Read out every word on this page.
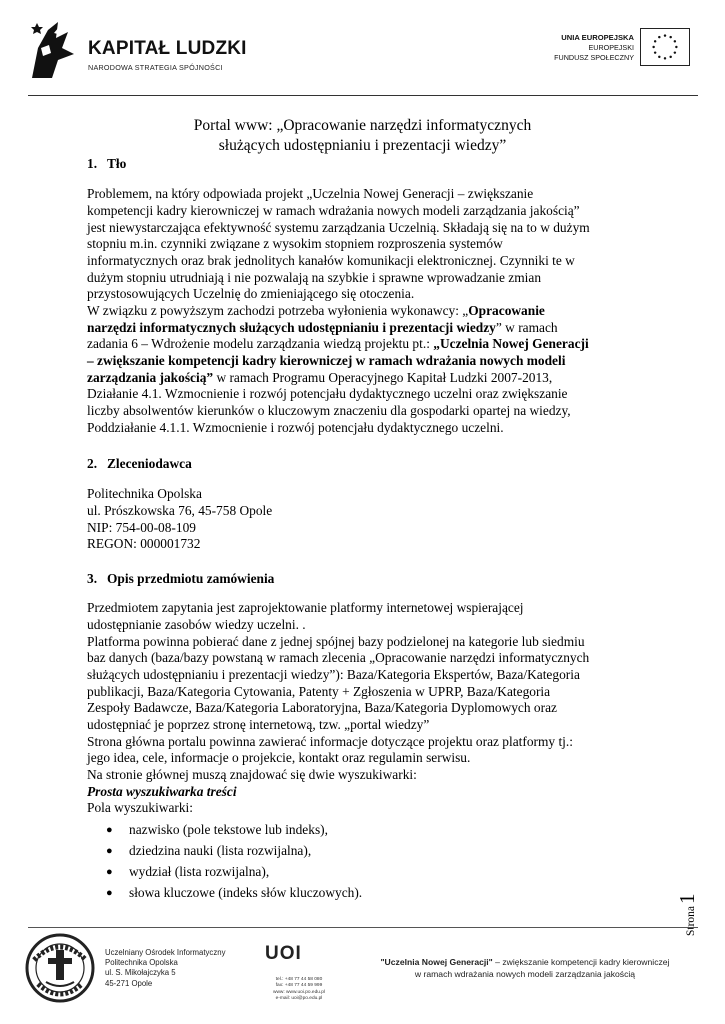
KAPITAŁ LUDZKI
NARODOWA STRATEGIA SPÓJNOŚCI
UNIA EUROPEJSKA
EUROPEJSKI
FUNDUSZ SPOŁECZNY
Portal www: „Opracowanie narzędzi informatycznych
służących udostępnianiu i prezentacji wiedzy”
1. Tło
Problemem, na który odpowiada projekt „Uczelnia Nowej Generacji – zwiększanie
kompetencji kadry kierowniczej w ramach wdrażania nowych modeli zarządzania jakością”
jest niewystarczająca efektywność systemu zarządzania Uczelnią. Składają się na to w dużym
stopniu m.in. czynniki związane z wysokim stopniem rozproszenia systemów
informatycznych oraz brak jednolitych kanałów komunikacji elektronicznej. Czynniki te w
dużym stopniu utrudniają i nie pozwalają na szybkie i sprawne wprowadzanie zmian
przystosowujących Uczelnię do zmieniającego się otoczenia.
W związku z powyższym zachodzi potrzeba wyłonienia wykonawcy: „Opracowanie
narzędzi informatycznych służących udostępnianiu i prezentacji wiedzy” w ramach
zadania 6 – Wdrożenie modelu zarządzania wiedzą projektu pt.: „Uczelnia Nowej Generacji
– zwiększanie kompetencji kadry kierowniczej w ramach wdrażania nowych modeli
zarządzania jakością” w ramach Programu Operacyjnego Kapitał Ludzki 2007-2013,
Działanie 4.1. Wzmocnienie i rozwój potencjału dydaktycznego uczelni oraz zwiększanie
liczby absolwentów kierunków o kluczowym znaczeniu dla gospodarki opartej na wiedzy,
Poddziałanie 4.1.1. Wzmocnienie i rozwój potencjału dydaktycznego uczelni.
2. Zleceniodawca
Politechnika Opolska
ul. Prószkowska 76, 45-758 Opole
NIP: 754-00-08-109
REGON: 000001732
3. Opis przedmiotu zamówienia
Przedmiotem zapytania jest zaprojektowanie platformy internetowej wspierającej
udostępnianie zasobów wiedzy uczelni. .
Platforma powinna pobierać dane z jednej spójnej bazy podzielonej na kategorie lub siedmiu
baz danych (baza/bazy powstaną w ramach zlecenia „Opracowanie narzędzi informatycznych
służących udostępnianiu i prezentacji wiedzy”): Baza/Kategoria Ekspertów, Baza/Kategoria
publikacji, Baza/Kategoria Cytowania, Patenty + Zgłoszenia w UPRP, Baza/Kategoria
Zespoły Badawcze, Baza/Kategoria Laboratoryjna, Baza/Kategoria Dyplomowych oraz
udostępniać je poprzez stronę internetową, tzw. „portal wiedzy”
Strona główna portalu powinna zawierać informacje dotyczące projektu oraz platformy tj.:
jego idea, cele, informacje o projekcie, kontakt oraz regulamin serwisu.
Na stronie głównej muszą znajdować się dwie wyszukiwarki:
Prosta wyszukiwarka treści
Pola wyszukiwarki:
● nazwisko (pole tekstowe lub indeks),
● dziedzina nauki (lista rozwijalna),
● wydział (lista rozwijalna),
● słowa kluczowe (indeks słów kluczowych).
Strona1
Uczelniany Ośrodek Informatyczny
Politechnika Opolska
ul. S. Mikołajczyka 5
45-271 Opole
UOI
tel.: +48 77 44 58 080
fax: +48 77 44 59 999
www: www.uoi.po.edu.pl
e-mail: uoi@po.edu.pl
"Uczelnia Nowej Generacji" – zwiększanie kompetencji kadry kierowniczej
w ramach wdrażania nowych modeli zarządzania jakością
